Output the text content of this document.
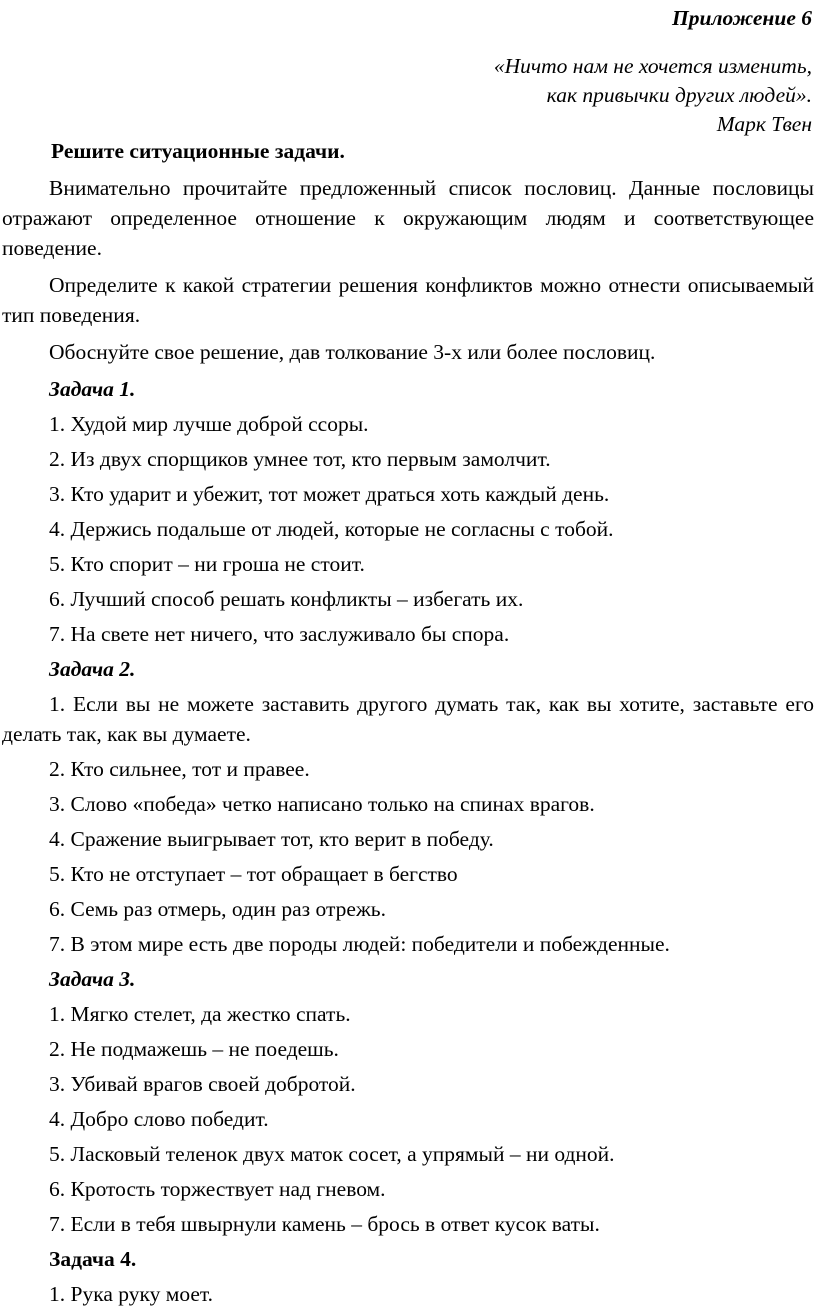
Приложение 6
«Ничто нам не хочется изменить,
как привычки других людей».
Марк Твен
Решите ситуационные задачи.
Внимательно прочитайте предложенный список пословиц. Данные пословицы отражают определенное отношение к окружающим людям и соответствующее поведение.
Определите к какой стратегии решения конфликтов можно отнести описываемый тип поведения.
Обоснуйте свое решение, дав толкование 3-х или более пословиц.
Задача 1.
1. Худой мир лучше доброй ссоры.
2. Из двух спорщиков умнее тот, кто первым замолчит.
3. Кто ударит и убежит, тот может драться хоть каждый день.
4. Держись подальше от людей, которые не согласны с тобой.
5. Кто спорит – ни гроша не стоит.
6. Лучший способ решать конфликты – избегать их.
7. На свете нет ничего, что заслуживало бы спора.
Задача 2.
1. Если вы не можете заставить другого думать так, как вы хотите, заставьте его делать так, как вы думаете.
2. Кто сильнее, тот и правее.
3. Слово «победа» четко написано только на спинах врагов.
4. Сражение выигрывает тот, кто верит в победу.
5. Кто не отступает – тот обращает в бегство
6. Семь раз отмерь, один раз отрежь.
7. В этом мире есть две породы людей: победители и побежденные.
Задача 3.
1. Мягко стелет, да жестко спать.
2. Не подмажешь – не поедешь.
3. Убивай врагов своей добротой.
4. Добро слово победит.
5. Ласковый теленок двух маток сосет, а упрямый – ни одной.
6. Кротость торжествует над гневом.
7. Если в тебя швырнули камень – брось в ответ кусок ваты.
Задача 4.
1. Рука руку моет.
